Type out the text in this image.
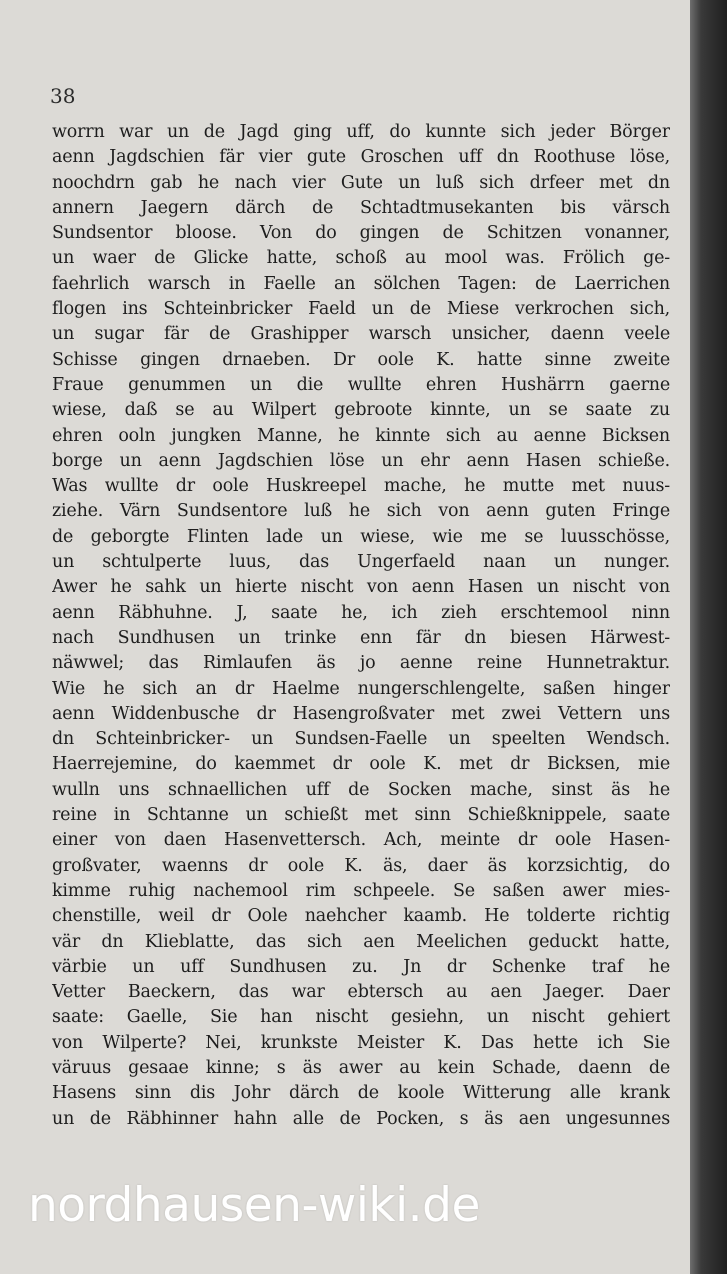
38
worrn war un de Jagd ging uff, do kunnte sich jeder Börger
aenn Jagdschien fär vier gute Groschen uff dn Roothuse löse,
noochdrn gab he nach vier Gute un luß sich drfeer met dn
annern Jaegern därch de Schtadtmusekanten bis värsch
Sundsentor bloose. Von do gingen de Schitzen vonanner,
un waer de Glicke hatte, schoß au mool was. Frölich ge-
faehrlich warsch in Faelle an sölchen Tagen: de Laerrichen
flogen ins Schteinbricker Faeld un de Miese verkrochen sich,
un sugar fär de Grashipper warsch unsicher, daenn veele
Schisse gingen drnaeben. Dr oole K. hatte sinne zweite
Fraue genummen un die wullte ehren Hushärrn gaerne
wiese, daß se au Wilpert gebroote kinnte, un se saate zu
ehren ooln jungken Manne, he kinnte sich au aenne Bicksen
borge un aenn Jagdschien löse un ehr aenn Hasen schieße.
Was wullte dr oole Huskreepel mache, he mutte met nuus-
ziehe. Värn Sundsentore luß he sich von aenn guten Fringe
de geborgte Flinten lade un wiese, wie me se luusschösse,
un schtulperte luus, das Ungerfaeld naan un nunger.
Awer he sahk un hierte nischt von aenn Hasen un nischt von
aenn Räbhuhne. J, saate he, ich zieh erschtemool ninn
nach Sundhusen un trinke enn fär dn biesen Härwest-
näwwel; das Rimlaufen äs jo aenne reine Hunnetraktur.
Wie he sich an dr Haelme nungerschlengelte, saßen hinger
aenn Widdenbusche dr Hasengroßvater met zwei Vettern uns
dn Schteinbricker- un Sundsen-Faelle un speelten Wendsch.
Haerrejemine, do kaemmet dr oole K. met dr Bicksen, mie
wulln uns schnaellichen uff de Socken mache, sinst äs he
reine in Schtanne un schießt met sinn Schießknippele, saate
einer von daen Hasenvettersch. Ach, meinte dr oole Hasen-
großvater, waenns dr oole K. äs, daer äs korzsichtig, do
kimme ruhig nachemool rim schpeele. Se saßen awer mies-
chenstille, weil dr Oole naehcher kaamb. He tolderte richtig
vär dn Klieblatte, das sich aen Meelichen geduckt hatte,
värbie un uff Sundhusen zu. Jn dr Schenke traf he
Vetter Baeckern, das war ebtersch au aen Jaeger. Daer
saate: Gaelle, Sie han nischt gesiehn, un nischt gehiert
von Wilperte? Nei, krunkste Meister K. Das hette ich Sie
väruus gesaae kinne; s äs awer au kein Schade, daenn de
Hasens sinn dis Johr därch de koole Witterung alle krank
un de Räbhinner hahn alle de Pocken, s äs aen ungesunnes
nordhausen-wiki.de
